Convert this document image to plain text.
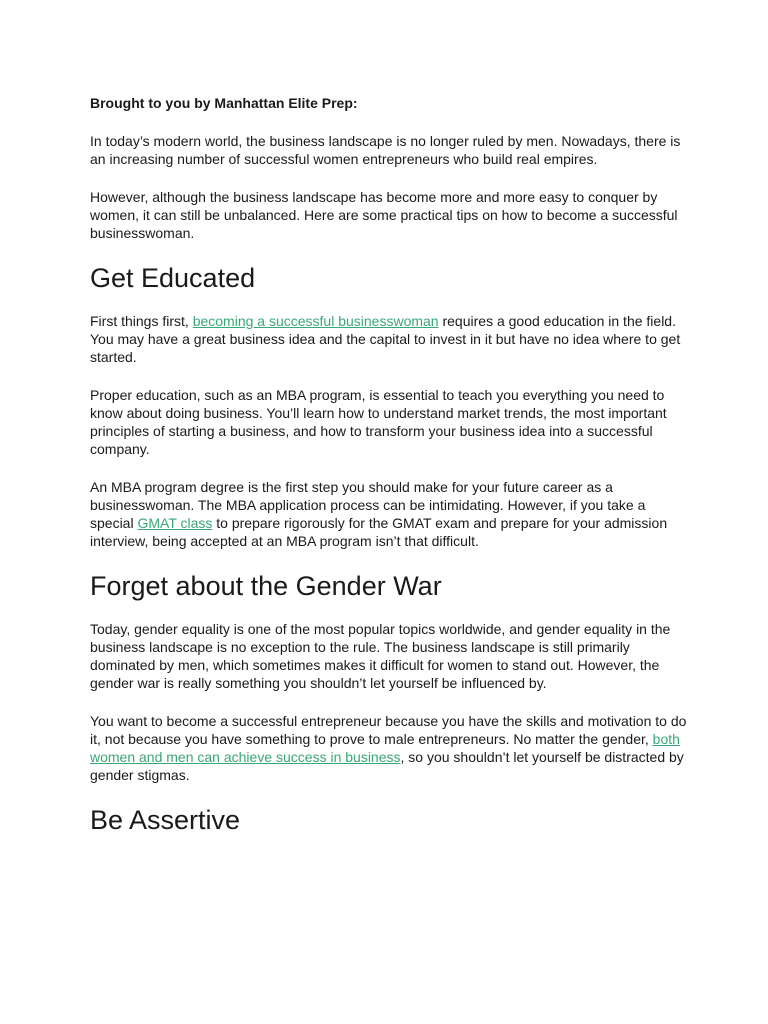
Brought to you by Manhattan Elite Prep:

In today’s modern world, the business landscape is no longer ruled by men. Nowadays, there is an increasing number of successful women entrepreneurs who build real empires.

However, although the business landscape has become more and more easy to conquer by women, it can still be unbalanced. Here are some practical tips on how to become a successful businesswoman.

Get Educated

First things first, becoming a successful businesswoman requires a good education in the field. You may have a great business idea and the capital to invest in it but have no idea where to get started.

Proper education, such as an MBA program, is essential to teach you everything you need to know about doing business. You’ll learn how to understand market trends, the most important principles of starting a business, and how to transform your business idea into a successful company.

An MBA program degree is the first step you should make for your future career as a businesswoman. The MBA application process can be intimidating. However, if you take a special GMAT class to prepare rigorously for the GMAT exam and prepare for your admission interview, being accepted at an MBA program isn’t that difficult.

Forget about the Gender War

Today, gender equality is one of the most popular topics worldwide, and gender equality in the business landscape is no exception to the rule. The business landscape is still primarily dominated by men, which sometimes makes it difficult for women to stand out. However, the gender war is really something you shouldn’t let yourself be influenced by.

You want to become a successful entrepreneur because you have the skills and motivation to do it, not because you have something to prove to male entrepreneurs. No matter the gender, both women and men can achieve success in business, so you shouldn’t let yourself be distracted by gender stigmas.

Be Assertive
